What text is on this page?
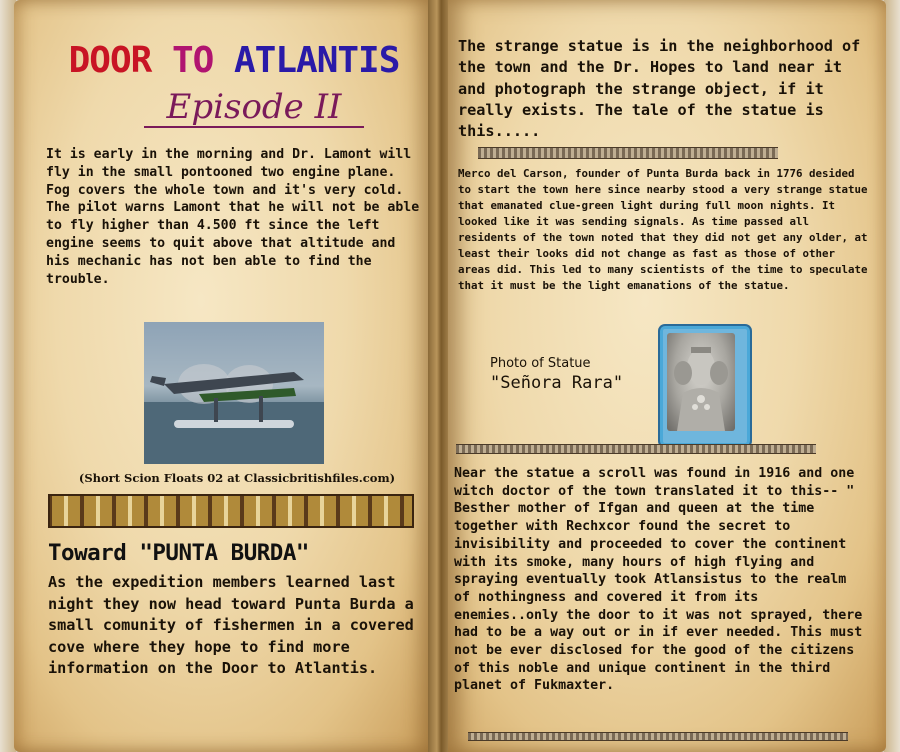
DOOR TO ATLANTIS
Episode II
It is early in the morning and Dr. Lamont will fly in the small pontooned two engine plane. Fog covers the whole town and it's very cold. The pilot warns Lamont that he will not be able to fly higher than 4.500 ft since the left engine seems to quit above that altitude and his mechanic has not ben able to find the trouble.
(Short Scion Floats 02 at Classicbritishfiles.com)
Toward "PUNTA BURDA"
As the expedition members learned last night they now head toward Punta Burda a small comunity of fishermen in a covered cove where they hope to find more information on the Door to Atlantis.
The strange statue is in the neighborhood of the town and the Dr. Hopes to land near it and photograph the strange object, if it really exists. The tale of the statue is this.....
Merco del Carson, founder of Punta Burda back in 1776 desided to start the town here since nearby stood a very strange statue that emanated clue-green light during full moon nights. It looked like it was sending signals. As time passed all residents of the town noted that they did not get any older, at least their looks did not change as fast as those of other areas did. This led to many scientists of the time to speculate that it must be the light emanations of the statue.
Photo of Statue
"Señora Rara"
Near the statue a scroll was found in 1916 and one witch doctor of the town translated it to this-- " Besther mother of Ifgan and queen at the time together with Rechxcor found the secret to invisibility and proceeded to cover the continent with its smoke, many hours of high flying and spraying eventually took Atlansistus to the realm of nothingness and covered it from its enemies..only the door to it was not sprayed, there had to be a way out or in if ever needed. This must not be ever disclosed for the good of the citizens of this noble and unique continent in the third planet of Fukmaxter.
